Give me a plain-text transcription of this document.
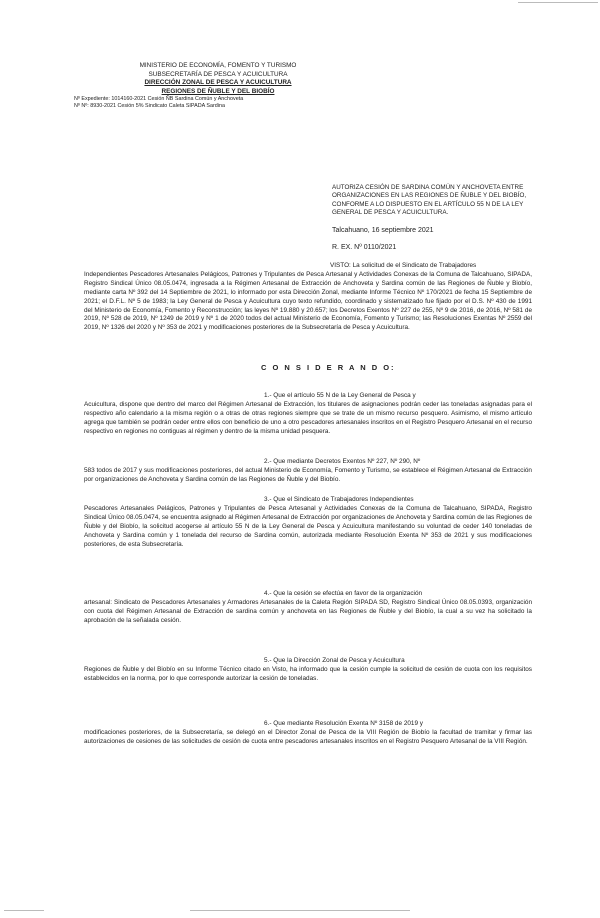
MINISTERIO DE ECONOMÍA, FOMENTO Y TURISMO
SUBSECRETARÍA DE PESCA Y ACUICULTURA
DIRECCIÓN ZONAL DE PESCA Y ACUICULTURA
REGIONES DE ÑUBLE Y DEL BIOBÍO
Nº Expediente: 1014160-2021 Cesión ÑB Sardina Común y Anchoveta
Nº Nº: 8930-2021 Cesión 5% Sindicato Caleta SIPADA Sardina
AUTORIZA CESIÓN DE SARDINA COMÚN Y ANCHOVETA ENTRE ORGANIZACIONES EN LAS REGIONES DE ÑUBLE Y DEL BIOBÍO, CONFORME A LO DISPUESTO EN EL ARTÍCULO 55 N DE LA LEY GENERAL DE PESCA Y ACUICULTURA.
Talcahuano, 16 septiembre 2021
R. EX. Nº 0110/2021
VISTO: La solicitud de el Sindicato de Trabajadores
Independientes Pescadores Artesanales Pelágicos, Patrones y Tripulantes de Pesca Artesanal y Actividades Conexas de la Comuna de Talcahuano, SIPADA, Registro Sindical Único 08.05.0474, ingresada a la Régimen Artesanal de Extracción de Anchoveta y Sardina común de las Regiones de Ñuble y Biobío, mediante carta Nº 392 del 14 Septiembre de 2021, lo informado por esta Dirección Zonal, mediante Informe Técnico Nº 170/2021 de fecha 15 Septiembre de 2021; el D.F.L. Nº 5 de 1983; la Ley General de Pesca y Acuicultura cuyo texto refundido, coordinado y sistematizado fue fijado por el D.S. Nº 430 de 1991 del Ministerio de Economía, Fomento y Reconstrucción; las leyes Nº 19.880 y 20.657; los Decretos Exentos Nº 227 de 255, Nº 9 de 2016, de 2016, Nº 581 de 2019, Nº 528 de 2019, Nº 1249 de 2019 y Nº 1 de 2020 todos del actual Ministerio de Economía, Fomento y Turismo; las Resoluciones Exentas Nº 2559 del 2019, Nº 1326 del 2020 y Nº 353 de 2021 y modificaciones posteriores de la Subsecretaría de Pesca y Acuicultura.
C O N S I D E R A N D O:
1.- Que el artículo 55 N de la Ley General de Pesca y
Acuicultura, dispone que dentro del marco del Régimen Artesanal de Extracción, los titulares de asignaciones podrán ceder las toneladas asignadas para el respectivo año calendario a la misma región o a otras de otras regiones siempre que se trate de un mismo recurso pesquero. Asimismo, el mismo artículo agrega que también se podrán ceder entre ellos con beneficio de uno a otro pescadores artesanales inscritos en el Registro Pesquero Artesanal en el recurso respectivo en regiones no contiguas al régimen y dentro de la misma unidad pesquera.
2.- Que mediante Decretos Exentos Nº 227, Nº 290, Nº
583 todos de 2017 y sus modificaciones posteriores, del actual Ministerio de Economía, Fomento y Turismo, se establece el Régimen Artesanal de Extracción por organizaciones de Anchoveta y Sardina común de las Regiones de Ñuble y del Biobío.
3.- Que el Sindicato de Trabajadores Independientes
Pescadores Artesanales Pelágicos, Patrones y Tripulantes de Pesca Artesanal y Actividades Conexas de la Comuna de Talcahuano, SIPADA, Registro Sindical Único 08.05.0474, se encuentra asignado al Régimen Artesanal de Extracción por organizaciones de Anchoveta y Sardina común de las Regiones de Ñuble y del Biobío, la solicitud acogerse al artículo 55 N de la Ley General de Pesca y Acuicultura manifestando su voluntad de ceder 140 toneladas de Anchoveta y Sardina común y 1 tonelada del recurso de Sardina común, autorizada mediante Resolución Exenta Nº 353 de 2021 y sus modificaciones posteriores, de esta Subsecretaría.
4.- Que la cesión se efectúa en favor de la organización
artesanal: Sindicato de Pescadores Artesanales y Armadores Artesanales de la Caleta Región SIPADA SD, Registro Sindical Único 08.05.0393, organización con cuota del Régimen Artesanal de Extracción de sardina común y anchoveta en las Regiones de Ñuble y del Biobío, la cual a su vez ha solicitado la aprobación de la señalada cesión.
5.- Que la Dirección Zonal de Pesca y Acuicultura
Regiones de Ñuble y del Biobío en su Informe Técnico citado en Visto, ha informado que la cesión cumple la solicitud de cesión de cuota con los requisitos establecidos en la norma, por lo que corresponde autorizar la cesión de toneladas.
6.- Que mediante Resolución Exenta Nº 3158 de 2019 y
modificaciones posteriores, de la Subsecretaría, se delegó en el Director Zonal de Pesca de la VIII Región de Biobío la facultad de tramitar y firmar las autorizaciones de cesiones de las solicitudes de cesión de cuota entre pescadores artesanales inscritos en el Registro Pesquero Artesanal de la VIII Región.
